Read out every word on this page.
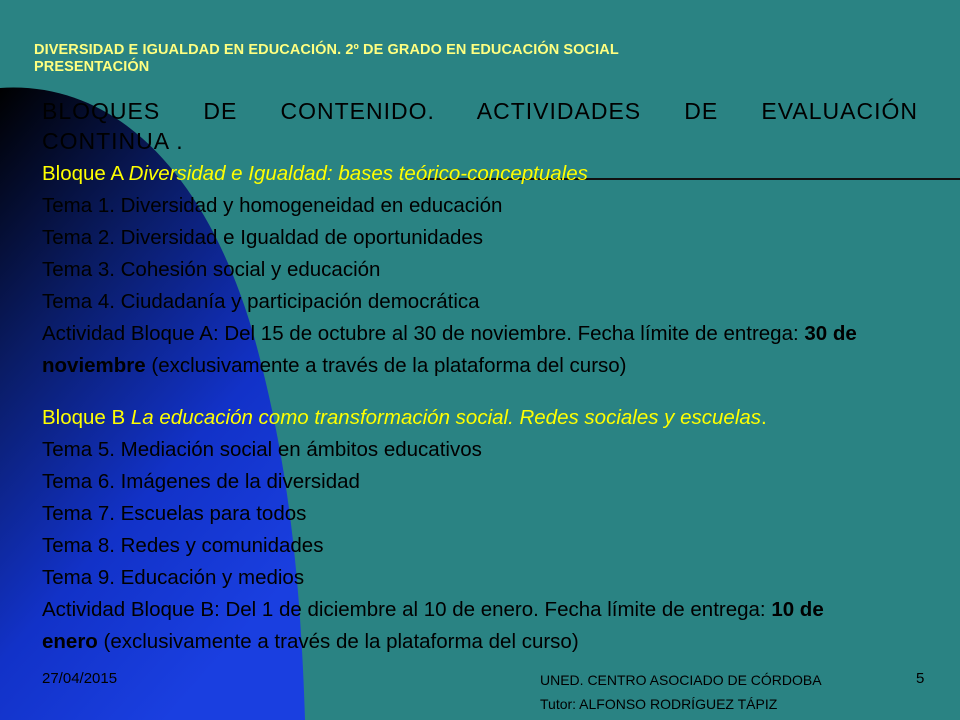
DIVERSIDAD E IGUALDAD EN EDUCACIÓN. 2º DE GRADO EN EDUCACIÓN SOCIAL
PRESENTACIÓN
BLOQUES DE CONTENIDO. ACTIVIDADES DE EVALUACIÓN
CONTINUA .
Bloque A Diversidad e Igualdad: bases teórico-conceptuales
Tema 1. Diversidad y homogeneidad en educación
Tema 2. Diversidad e Igualdad de oportunidades
Tema 3. Cohesión social y educación
Tema 4. Ciudadanía y participación democrática
Actividad Bloque A: Del 15 de octubre al 30 de noviembre. Fecha límite de entrega: 30 de
noviembre (exclusivamente a través de la plataforma del curso)
Bloque B La educación como transformación social. Redes sociales y escuelas.
Tema 5. Mediación social en ámbitos educativos
Tema 6. Imágenes de la diversidad
Tema 7. Escuelas para todos
Tema 8. Redes y comunidades
Tema 9. Educación y medios
Actividad Bloque B: Del 1 de diciembre al 10 de enero. Fecha límite de entrega: 10 de
enero (exclusivamente a través de la plataforma del curso)
27/04/2015	UNED. CENTRO ASOCIADO DE CÓRDOBA
Tutor: ALFONSO RODRÍGUEZ TÁPIZ
5
